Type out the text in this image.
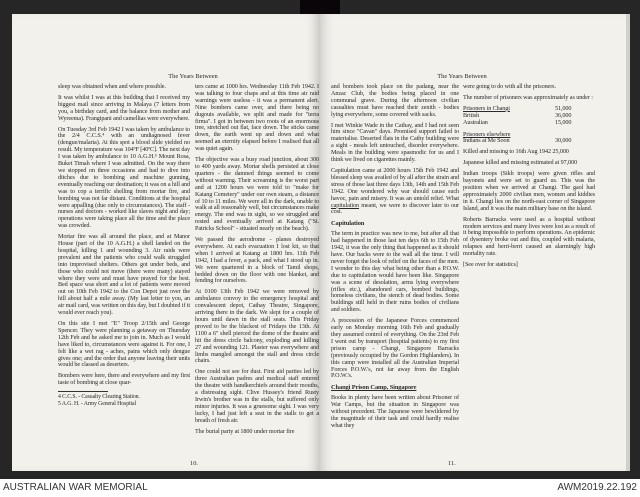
The Years Between

sleep was obtained when and where possible.

It was whilst I was at this building that I received my biggest mail since arriving in Malaya (7 letters from you, a birthday card, and the balance from mother and Wyreema). Frangipani and camellias were everywhere.

On Tuesday 3rd Feb 1942 I was taken by ambulance to the 2/4 C.C.S.⁴ with an undiagnosed fever (dengue/malaria). At this spot a blood slide yielded no result. My temperature was 104ºF [40ºC]. The next day I was taken by ambulance to 10 A.G.H.⁵ Mount Rosa, Buket Timah where I was admitted. On the way there we stopped on three occasions and had to dive into ditches due to bombing and machine gunning, eventually reaching our destination; it was on a hill and was to cop a terrific shelling from mortar fire, and bombing was not far distant. Conditions at the hospital were appalling (due only to circumstances). The staff - nurses and doctors - worked like slaves night and day; operations were taking place all the time and the place was crowded.

Mortar fire was all around the place, and at Manor House (part of the 10 A.G.H.) a shell landed on the hospital, killing 1 and wounding 3. Air raids were prevalent and the patients who could walk struggled into improvised shelters. Others got under beds, and those who could not move (there were many) stayed where they were and must have prayed for the best. Bed space was short and a lot of patients were moved out on 10th Feb 1942 to the Con Depot just over the hill about half a mile away. (My last letter to you, an air mail card, was written on this day, but I doubted if it would ever reach you).

On this site I met "E" Troop 2/15th and George Spencer. They were planning a getaway on Thursday 12th Feb and he asked me to join in. Much as I would have liked to, circumstances were against it. For one, I felt like a wet rag - aches, pains which only dengue gives one; and the order that anyone leaving their units would be classed as deserters.

Bombers were here, there and everywhere and my first taste of bombing at close quar-

4 C.C.S. - Casualty Clearing Station.
5 A.G. H. - Army General Hospital

ters came at 1000 hrs. Wednesday 11th Feb 1942. I was talking to four chaps and at this time air raid warnings were useless - it was a permanent alert. Nine bombers came over, and there being no dugouts available, we split and made for "terra firma". I got in between two roots of an enormous tree, stretched out flat, face down. The sticks came down, the earth went up and down and what seemed an eternity elapsed before I realised that all was quiet again.

The objective was a busy road junction, about 300 to 400 yards away. Mortar shells persisted at close quarters - the damned things seemed to come without warning. Their screaming is the worst part and at 1200 hours we were told to "make for Katang Cemetery" under our own steam, a distance of 10 to 11 miles. We were all in the dark, unable to walk at all reasonably well, but circumstances make energy. The end was in sight, so we struggled and rested and eventually arrived at Katang ("St. Patricks School" - situated nearly on the beach).

We passed the aerodrome - planes destroyed everywhere. At each evacuation I lost kit, so that when I arrived at Katang at 1800 hrs. 11th Feb 1942, I had a fever, a pack, and what I stood up in. We were quartered in a block of Tamil shops, bedded down on the floor with one blanket, and fending for ourselves.

At 0100 13th Feb 1942 we were removed by ambulance convoy to the emergency hospital and convalescent depot, Cathay Theatre, Singapore, arriving there in the dark. We slept for a couple of hours until dawn in the stall seats. This Friday proved to be the blackest of Fridays the 13th. At 1100 a 6" shell pierced the dome of the theatre and hit the dress circle balcony, exploding and killing 27 and wounding 121. Plaster was everywhere and limbs mangled amongst the stall and dress circle chairs.

One could not see for dust. First aid parties led by three Australian padres and medical staff entered the theatre with handkerchiefs around their mouths, a distressing sight. Clive Hussey's friend Rusty Irwin's brother was in the stalls, but suffered only minor injuries. It was a gruesome sight. I was very lucky, I had just left a seat in the stalls to get a breath of fresh air.

The burial party at 1800 under mortar fire

10.
The Years Between

and bombers took place on the padang, near the Anzac Club, the bodies being placed in one communal grave. During the afternoon civilian casualties must have reached their zenith - bodies lying everywhere, some covered with sacks.

I met Winkie Wade in the Cathay, and I had not seen him since "Cavan" days. Promised support failed to materialise. Deserted flats in the Cathy building were a sight - meals left untouched, disorder everywhere. Meals in the building were spasmodic for us and I think we lived on cigarettes mainly.

Capitulation came at 2000 hours 15th Feb 1942 and blessed sleep was availed of by all after the strain and stress of those last three days 13th, 14th and 15th Feb 1942. One wondered why war should cause such havoc, pain and misery. It was an untold relief. What capitulation meant, we were to discover later to our cost.

Capitulation

The term in practice was new to me, but after all that had happened in those last ten days 6th to 15th Feb 1942, it was the only thing that happened as it should have. Our backs were to the wall all the time. I will never forget the look of relief on the faces of the men. I wonder to this day what being other than a P.O.W. due to capitulation would have been like. Singapore was a scene of desolation, arms lying everywhere (rifles etc.), abandoned cars, bombed buildings, homeless civilians, the stench of dead bodies. Some buildings still held in their ruins bodies of civilians and soldiers.

A procession of the Japanese Forces commenced early on Monday morning 16th Feb and gradually they assumed control of everything. On the 23rd Feb I went out by transport (hospital patients) to my first prison camp - Changi, Singapore Barracks (previously occupied by the Gordon Highlanders). In this camp were installed all the Australian Imperial Forces P.O.W.'s, not far away from the English P.O.W.'s.

Changi Prison Camp, Singapore

Books in plenty have been written about Prisoner of War Camps, but the situation in Singapore was without precedent. The Japanese were bewildered by the magnitude of their task and could hardly realise what they

were going to do with all the prisoners.

The number of prisoners was approximately as under :

Prisoners in Changi	51,000
British	36,000
Australian	15,000

Prisoners elsewhere	
Indians at Me Soon	30,000

Killed and missing to 16th Aug 1942 25,000

Japanese killed and missing estimated at 97,000

Indian troops (Sikh troops) were given rifles and bayonets and were set to guard us. This was the position when we arrived at Changi. The gaol had approximately 2000 civilian men, women and kiddies in it. Changi lies on the north-east corner of Singapore Island, and it was the main military base on the island.

Roberts Barracks were used as a hospital without modern services and many lives were lost as a result of it being impossible to perform operations. An epidemic of dysentery broke out and this, coupled with malaria, relapses and berri-berri caused an alarmingly high mortality rate.

[See over for statistics]

11.
AUSTRALIAN WAR MEMORIAL	AWM2019.22.192
